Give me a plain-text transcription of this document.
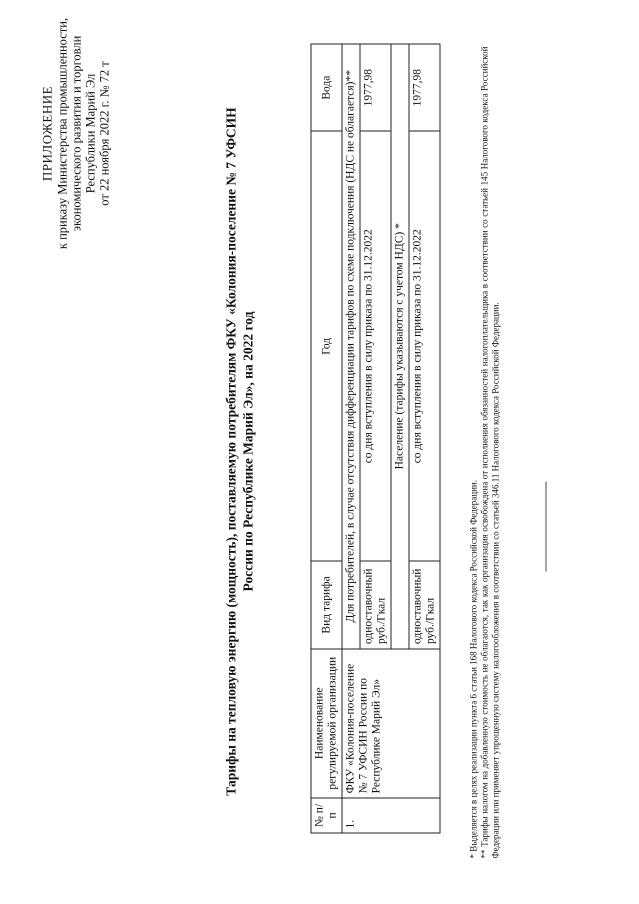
ПРИЛОЖЕНИЕ к приказу Министерства промышленности, экономического развития и торговли Республики Марий Эл от 22 ноября 2022 г. № 72 т	Тарифы на тепловую энергию (мощность), поставляемую потребителям ФКУ «Колония-поселение № 7 УФСИН России по Республике Марий Эл», на 2022 год
№ п/п	Наименование регулируемой организации	Вид тарифа	Год	Вода
1.	ФКУ «Колония-поселение № 7 УФСИН России по Республике Марий Эл»	Для потребителей, в случае отсутствия дифференциации тарифов по схеме подключения (НДС не облагается)**		
		одноставочный руб./Гкал	со дня вступления в силу приказа по 31.12.2022	1977,98
		Население (тарифы указываются с учетом НДС) *		
		одноставочный руб./Гкал	со дня вступления в силу приказа по 31.12.2022	1977,98
* Выделяется в целях реализации пункта 6 статьи 168 Налогового кодекса Российской Федерации. ** Тарифы налогом на добавленную стоимость не облагаются, так как организация освобождена от исполнения обязанностей налогоплательщика в соответствии со статьей 145 Налогового кодекса Российской Федерации или применяет упрощенную систему налогообложения в соответствии со статьей 346.11 Налогового кодекса Российской Федерации.
